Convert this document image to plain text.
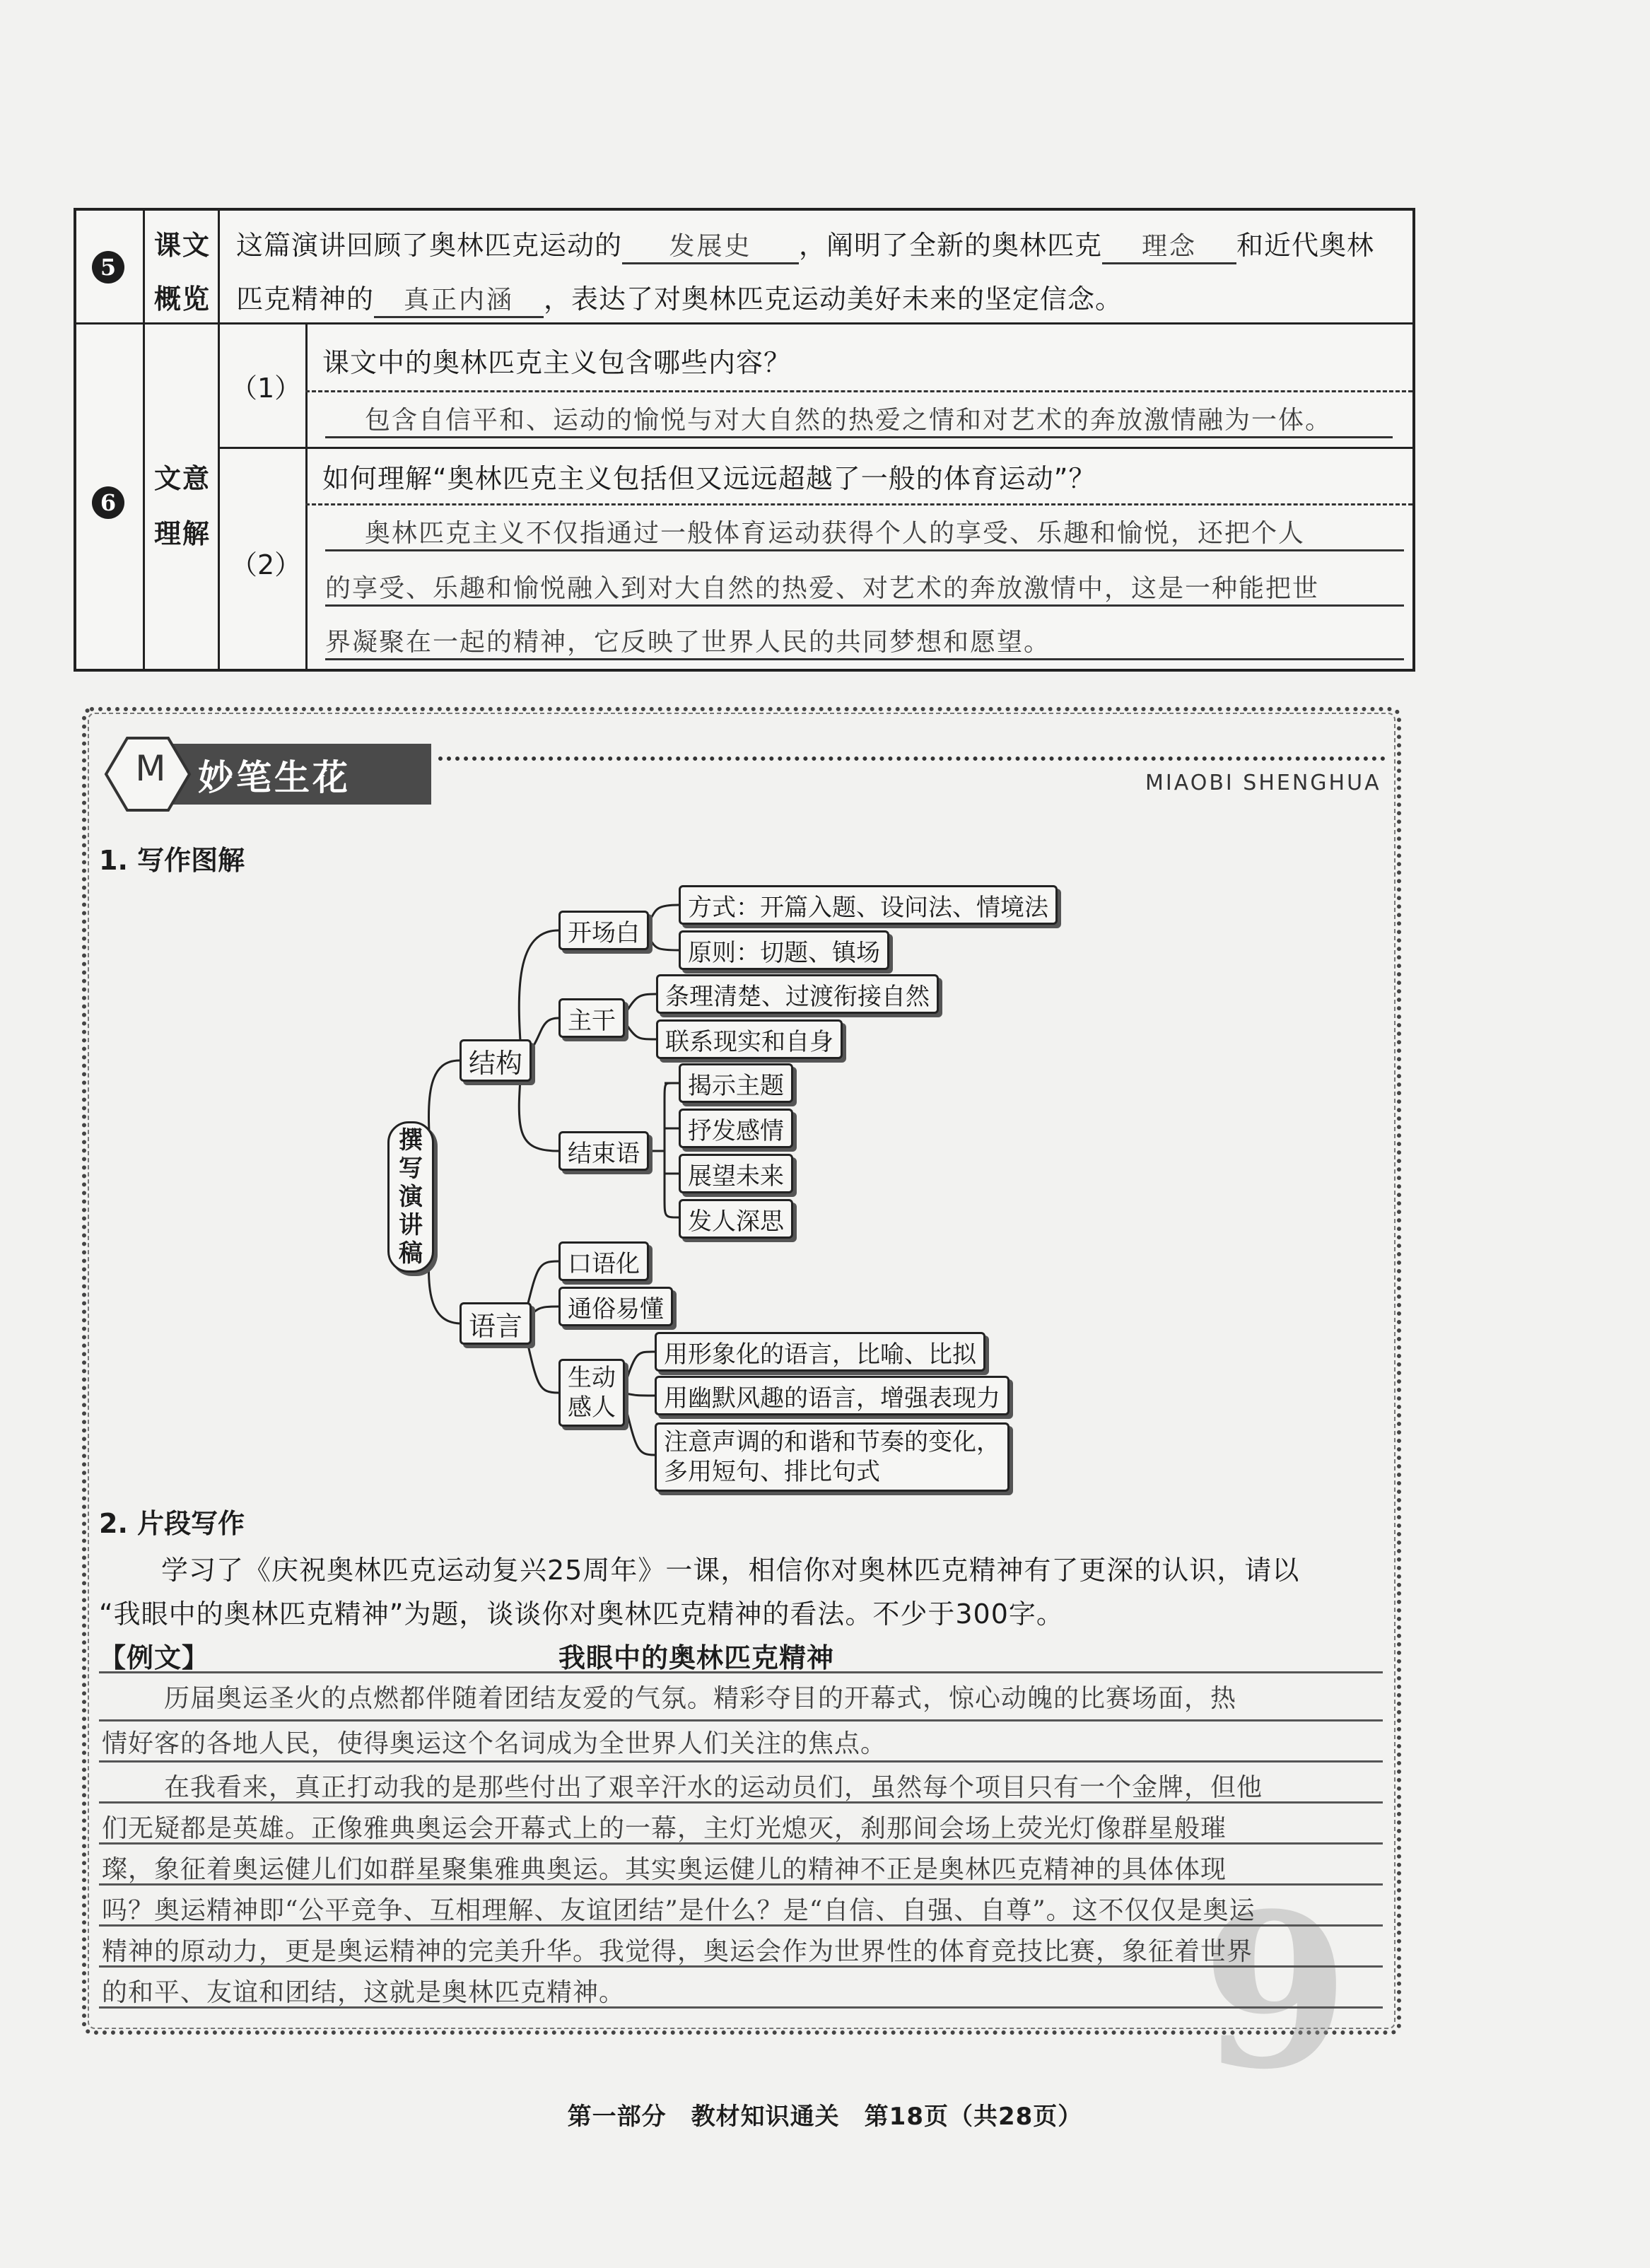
5
课文
概览
这篇演讲回顾了奥林匹克运动的 发展史 ，阐明了全新的奥林匹克 理念 和近代奥林
匹克精神的 真正内涵 ，表达了对奥林匹克运动美好未来的坚定信念。
6
文意
理解
（1）
课文中的奥林匹克主义包含哪些内容？
包含自信平和、运动的愉悦与对大自然的热爱之情和对艺术的奔放激情融为一体。
（2）
如何理解“奥林匹克主义包括但又远远超越了一般的体育运动”？
奥林匹克主义不仅指通过一般体育运动获得个人的享受、乐趣和愉悦，还把个人
的享受、乐趣和愉悦融入到对大自然的热爱、对艺术的奔放激情中，这是一种能把世
界凝聚在一起的精神，它反映了世界人民的共同梦想和愿望。
M 妙笔生花	MIAOBI SHENGHUA
1. 写作图解
撰
写
演
讲
稿
结构
语言
开场白
方式：开篇入题、设问法、情境法
原则：切题、镇场
主干
条理清楚、过渡衔接自然
联系现实和自身
结束语
揭示主题
抒发感情
展望未来
发人深思
口语化
通俗易懂
生动
感人
用形象化的语言，比喻、比拟
用幽默风趣的语言，增强表现力
注意声调的和谐和节奏的变化，
多用短句、排比句式
9
2. 片段写作
学习了《庆祝奥林匹克运动复兴25周年》一课，相信你对奥林匹克精神有了更深的认识，请以
“我眼中的奥林匹克精神”为题，谈谈你对奥林匹克精神的看法。不少于300字。
【例文】	我眼中的奥林匹克精神
历届奥运圣火的点燃都伴随着团结友爱的气氛。精彩夺目的开幕式，惊心动魄的比赛场面，热
情好客的各地人民，使得奥运这个名词成为全世界人们关注的焦点。
在我看来，真正打动我的是那些付出了艰辛汗水的运动员们，虽然每个项目只有一个金牌，但他
们无疑都是英雄。正像雅典奥运会开幕式上的一幕，主灯光熄灭，刹那间会场上荧光灯像群星般璀
璨，象征着奥运健儿们如群星聚集雅典奥运。其实奥运健儿的精神不正是奥林匹克精神的具体体现
吗？奥运精神即“公平竞争、互相理解、友谊团结”是什么？是“自信、自强、自尊”。这不仅仅是奥运
精神的原动力，更是奥运精神的完美升华。我觉得，奥运会作为世界性的体育竞技比赛，象征着世界
的和平、友谊和团结，这就是奥林匹克精神。
第一部分　教材知识通关　第18页（共28页）
